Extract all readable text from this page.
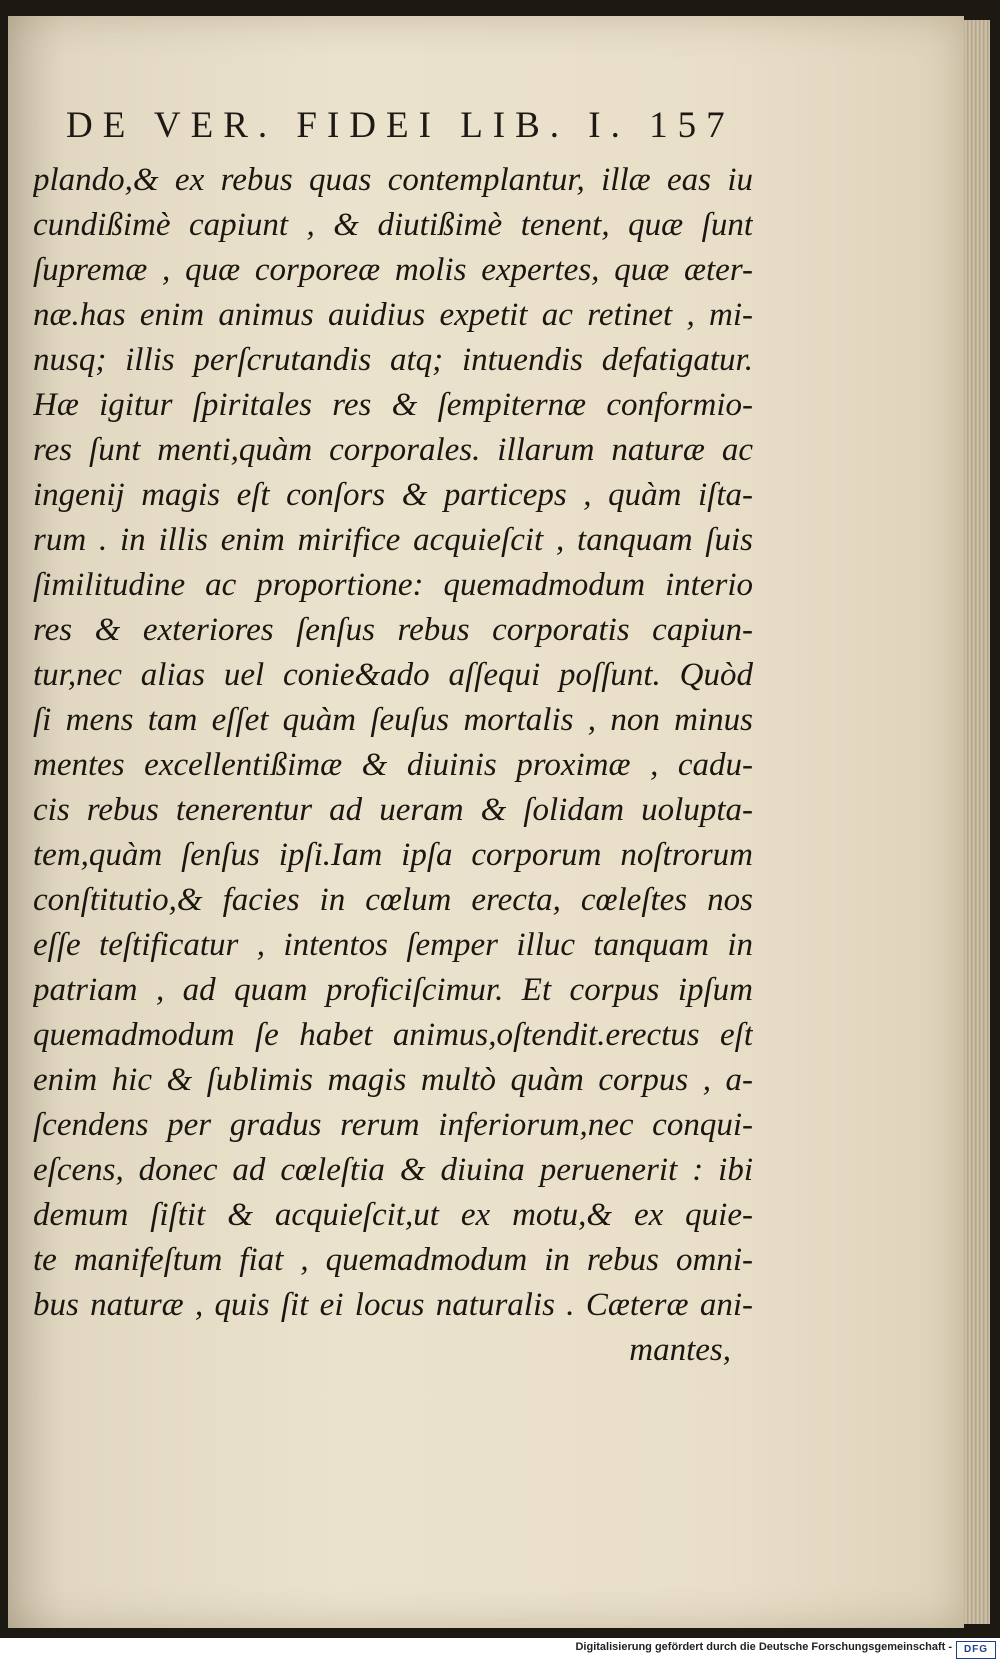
DE VER. FIDEI LIB. I. 157
plando,& ex rebus quas contemplantur, illæ eas iu
cundißimè capiunt , & diutißimè tenent, quæ ſunt
ſupremæ , quæ corporeæ molis expertes, quæ æter-
næ.has enim animus auidius expetit ac retinet , mi-
nusq; illis perſcrutandis atq; intuendis defatigatur.
Hæ igitur ſpiritales res & ſempiternæ conformio-
res ſunt menti,quàm corporales. illarum naturæ ac
ingenij magis eſt conſors & particeps , quàm iſta-
rum . in illis enim mirifice acquieſcit , tanquam ſuis
ſimilitudine ac proportione: quemadmodum interio
res & exteriores ſenſus rebus corporatis capiun-
tur,nec alias uel conie&ado aſſequi poſſunt. Quòd
ſi mens tam eſſet quàm ſeuſus mortalis , non minus
mentes excellentißimæ & diuinis proximæ , cadu-
cis rebus tenerentur ad ueram & ſolidam uolupta-
tem,quàm ſenſus ipſi.Iam ipſa corporum noſtrorum
conſtitutio,& facies in cœlum erecta, cœleſtes nos
eſſe teſtificatur , intentos ſemper illuc tanquam in
patriam , ad quam proficiſcimur. Et corpus ipſum
quemadmodum ſe habet animus,oſtendit.erectus eſt
enim hic & ſublimis magis multò quàm corpus , a-
ſcendens per gradus rerum inferiorum,nec conqui-
eſcens, donec ad cœleſtia & diuina peruenerit : ibi
demum ſiſtit & acquieſcit,ut ex motu,& ex quie-
te manifeſtum fiat , quemadmodum in rebus omni-
bus naturæ , quis ſit ei locus naturalis . Cæteræ ani-
mantes,
Digitalisierung gefördert durch die Deutsche Forschungsgemeinschaft -	DFG
